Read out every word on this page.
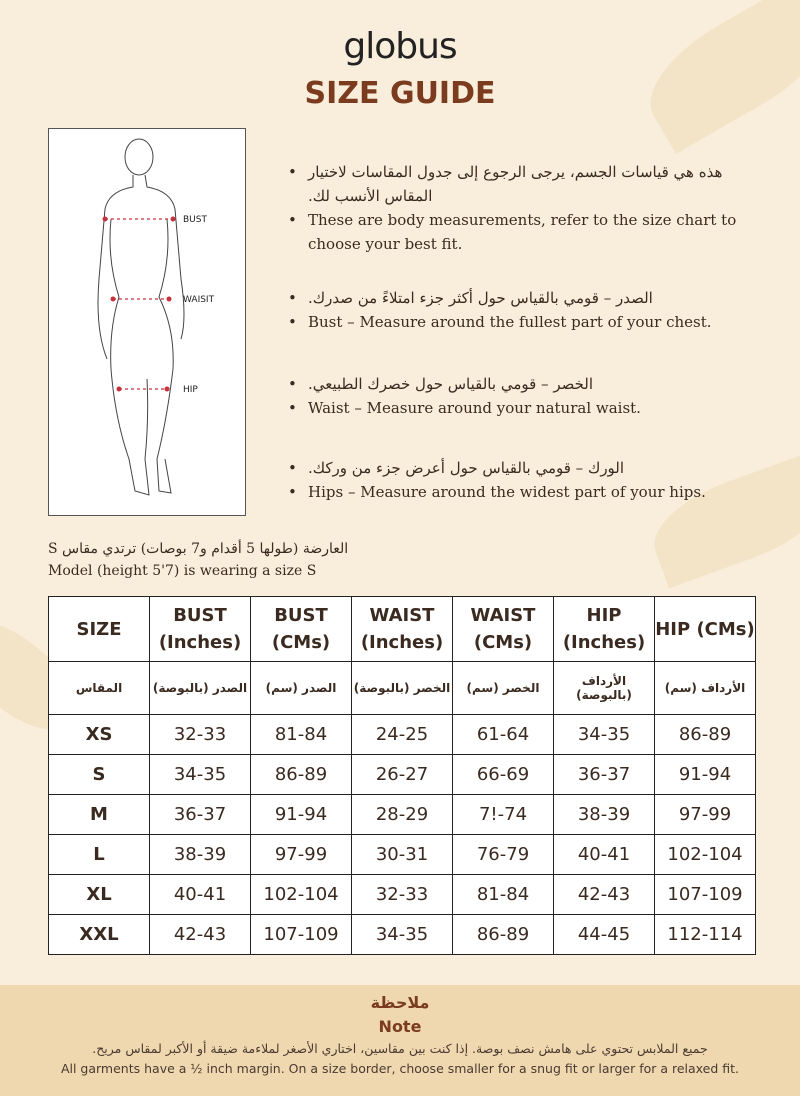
globus
SIZE GUIDE
BUST
WAISIT
HIP
• هذه هي قياسات الجسم، يرجى الرجوع إلى جدول المقاسات لاختيار المقاس الأنسب لك.
• These are body measurements, refer to the size chart to choose your best fit.
• الصدر – قومي بالقياس حول أكثر جزء امتلاءً من صدرك.
• Bust – Measure around the fullest part of your chest.
• الخصر – قومي بالقياس حول خصرك الطبيعي.
• Waist – Measure around your natural waist.
• الورك – قومي بالقياس حول أعرض جزء من وركك.
• Hips – Measure around the widest part of your hips.
العارضة (طولها 5 أقدام و7 بوصات) ترتدي مقاس S
Model (height 5'7) is wearing a size S
SIZE	BUST (Inches)	BUST (CMs)	WAIST (Inches)	WAIST (CMs)	HIP (Inches)	HIP (CMs)
المقاس	الصدر (بالبوصة)	الصدر (سم)	الخصر (بالبوصة)	الخصر (سم)	الأرداف (بالبوصة)	الأرداف (سم)
XS	32-33	81-84	24-25	61-64	34-35	86-89
S	34-35	86-89	26-27	66-69	36-37	91-94
M	36-37	91-94	28-29	7!-74	38-39	97-99
L	38-39	97-99	30-31	76-79	40-41	102-104
XL	40-41	102-104	32-33	81-84	42-43	107-109
XXL	42-43	107-109	34-35	86-89	44-45	112-114
ملاحظة
Note
جميع الملابس تحتوي على هامش نصف بوصة. إذا كنت بين مقاسين، اختاري الأصغر لملاءمة ضيقة أو الأكبر لمقاس مريح.
All garments have a ½ inch margin. On a size border, choose smaller for a snug fit or larger for a relaxed fit.
